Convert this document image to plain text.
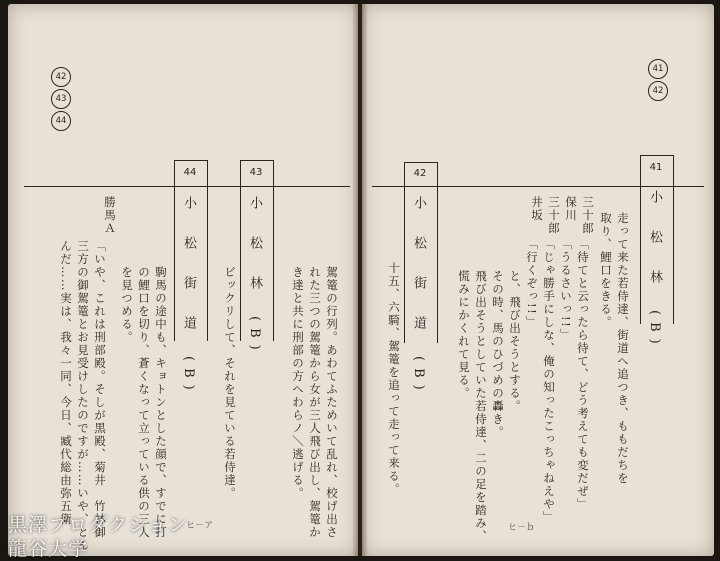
42
43
44
44
小　松　街　道　(B)
43
小　松　林　(B)	駕篭の行列。あわてふためいて乱れ、校げ出さ
れた三つの駕篭から女が三人飛び出し、駕篭か
き達と共に刑部の方へわらノ＼逃げる。
ビックリして、それを見ている若侍達。
駒馬の途中も、キョトンとした顔で、すでに打
の鯉口を切り、蒼くなって立っている供の三人
を見つめる。
「いや、これは刑部殿。そしが黒殿、菊井　竹林御
三方の御駕篭とお見受けしたのですが……いや、とん
んだ……実は、我々一同、今日、臧代総由弥五衛
勝馬Ａ
ヒ－ア
41
42
41
小　松　林　(B)
42
小　松　街　道　(B)	走って来た若侍達、街道へ追つき、ももだちを
取り、鯉口をきる。
「待てと云ったら待て、どう考えても変だぜ」
「うるさいっ!!」
「じゃ勝手にしな、俺の知ったこっちゃねえや」
「行くぞっ!!」
と、飛び出そうとする。
その時、馬のひづめの轟き。
飛び出そうとしていた若侍達、二の足を踏み、
慌みにかくれて見る。
三十郎
保川
三十郎
井坂
十五、六騎、駕篭を追って走って来る。
ヒ－ｂ
黒澤プロダクション
龍谷大学
